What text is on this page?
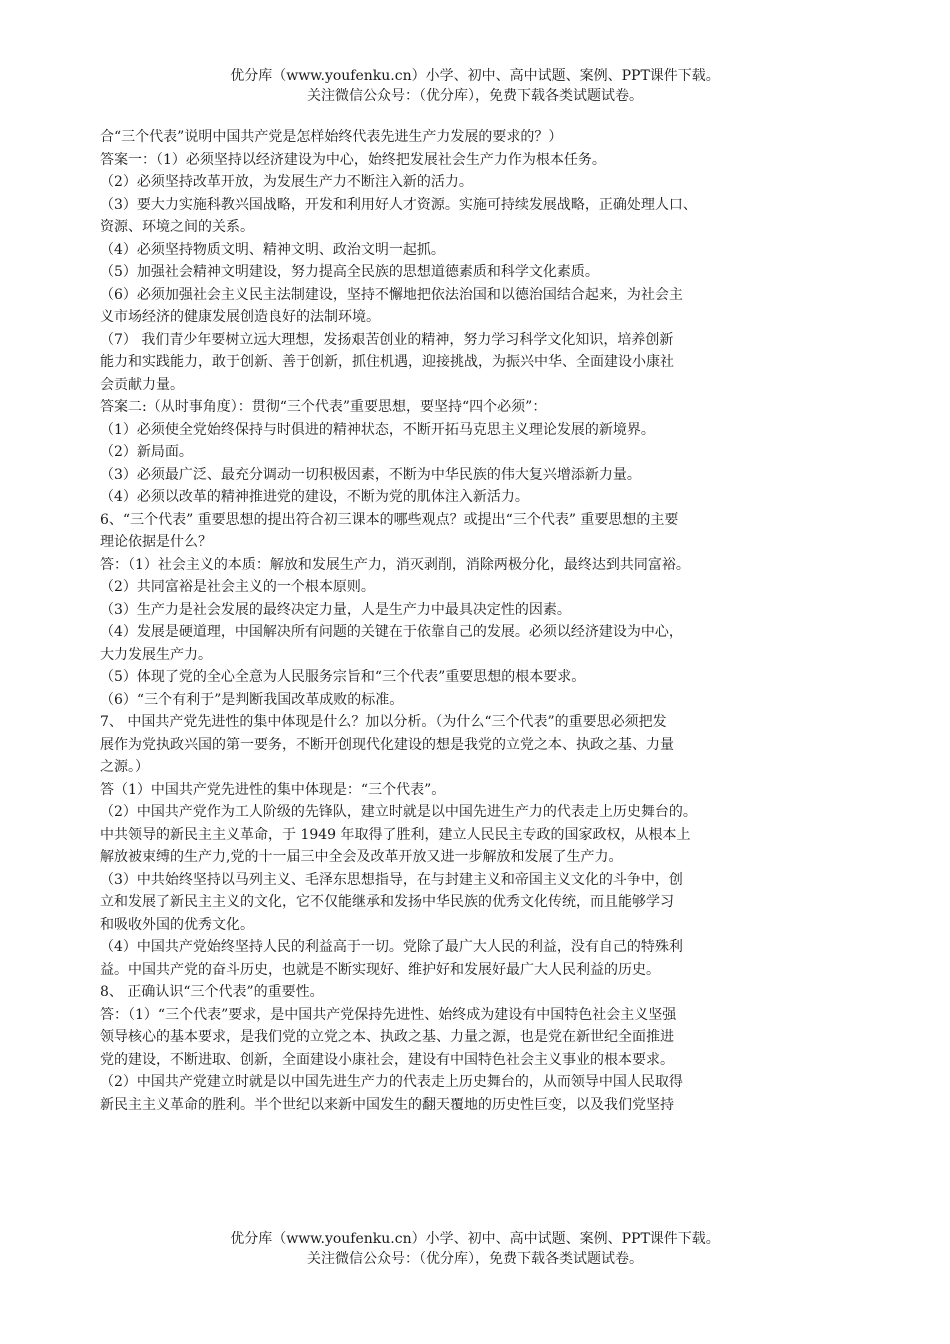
优分库（www.youfenku.cn）小学、初中、高中试题、案例、PPT课件下载。
关注微信公众号：（优分库），免费下载各类试题试卷。
合“三个代表”说明中国共产党是怎样始终代表先进生产力发展的要求的？）
答案一：（1）必须坚持以经济建设为中心，始终把发展社会生产力作为根本任务。
（2）必须坚持改革开放，为发展生产力不断注入新的活力。
（3）要大力实施科教兴国战略，开发和利用好人才资源。实施可持续发展战略，正确处理人口、
资源、环境之间的关系。
（4）必须坚持物质文明、精神文明、政治文明一起抓。
（5）加强社会精神文明建设，努力提高全民族的思想道德素质和科学文化素质。
（6）必须加强社会主义民主法制建设，坚持不懈地把依法治国和以德治国结合起来，为社会主
义市场经济的健康发展创造良好的法制环境。
（7） 我们青少年要树立远大理想，发扬艰苦创业的精神，努力学习科学文化知识，培养创新
能力和实践能力，敢于创新、善于创新，抓住机遇，迎接挑战，为振兴中华、全面建设小康社
会贡献力量。
答案二:（从时事角度）：贯彻“三个代表”重要思想，要坚持“四个必须”：
（1）必须使全党始终保持与时俱进的精神状态，不断开拓马克思主义理论发展的新境界。
（2）新局面。
（3）必须最广泛、最充分调动一切积极因素，不断为中华民族的伟大复兴增添新力量。
（4）必须以改革的精神推进党的建设，不断为党的肌体注入新活力。
6、“三个代表” 重要思想的提出符合初三课本的哪些观点？或提出“三个代表” 重要思想的主要
理论依据是什么？
答：（1）社会主义的本质：解放和发展生产力，消灭剥削，消除两极分化，最终达到共同富裕。
（2）共同富裕是社会主义的一个根本原则。
（3）生产力是社会发展的最终决定力量，人是生产力中最具决定性的因素。
（4）发展是硬道理，中国解决所有问题的关键在于依靠自己的发展。必须以经济建设为中心，
大力发展生产力。
（5）体现了党的全心全意为人民服务宗旨和“三个代表”重要思想的根本要求。
（6）“三个有利于”是判断我国改革成败的标准。
7、 中国共产党先进性的集中体现是什么？加以分析。（为什么“三个代表”的重要思必须把发
展作为党执政兴国的第一要务，不断开创现代化建设的想是我党的立党之本、执政之基、力量
之源。）
答（1）中国共产党先进性的集中体现是：“三个代表”。
（2）中国共产党作为工人阶级的先锋队，建立时就是以中国先进生产力的代表走上历史舞台的。
中共领导的新民主主义革命，于 1949 年取得了胜利，建立人民民主专政的国家政权，从根本上
解放被束缚的生产力,党的十一届三中全会及改革开放又进一步解放和发展了生产力。
（3）中共始终坚持以马列主义、毛泽东思想指导，在与封建主义和帝国主义文化的斗争中，创
立和发展了新民主主义的文化，它不仅能继承和发扬中华民族的优秀文化传统，而且能够学习
和吸收外国的优秀文化。
（4）中国共产党始终坚持人民的利益高于一切。党除了最广大人民的利益，没有自己的特殊利
益。中国共产党的奋斗历史，也就是不断实现好、维护好和发展好最广大人民利益的历史。
8、 正确认识“三个代表”的重要性。
答：（1）“三个代表”要求，是中国共产党保持先进性、始终成为建设有中国特色社会主义坚强
领导核心的基本要求，是我们党的立党之本、执政之基、力量之源，也是党在新世纪全面推进
党的建设，不断进取、创新，全面建设小康社会，建设有中国特色社会主义事业的根本要求。
（2）中国共产党建立时就是以中国先进生产力的代表走上历史舞台的，从而领导中国人民取得
新民主主义革命的胜利。半个世纪以来新中国发生的翻天覆地的历史性巨变，以及我们党坚持
优分库（www.youfenku.cn）小学、初中、高中试题、案例、PPT课件下载。
关注微信公众号：（优分库），免费下载各类试题试卷。
